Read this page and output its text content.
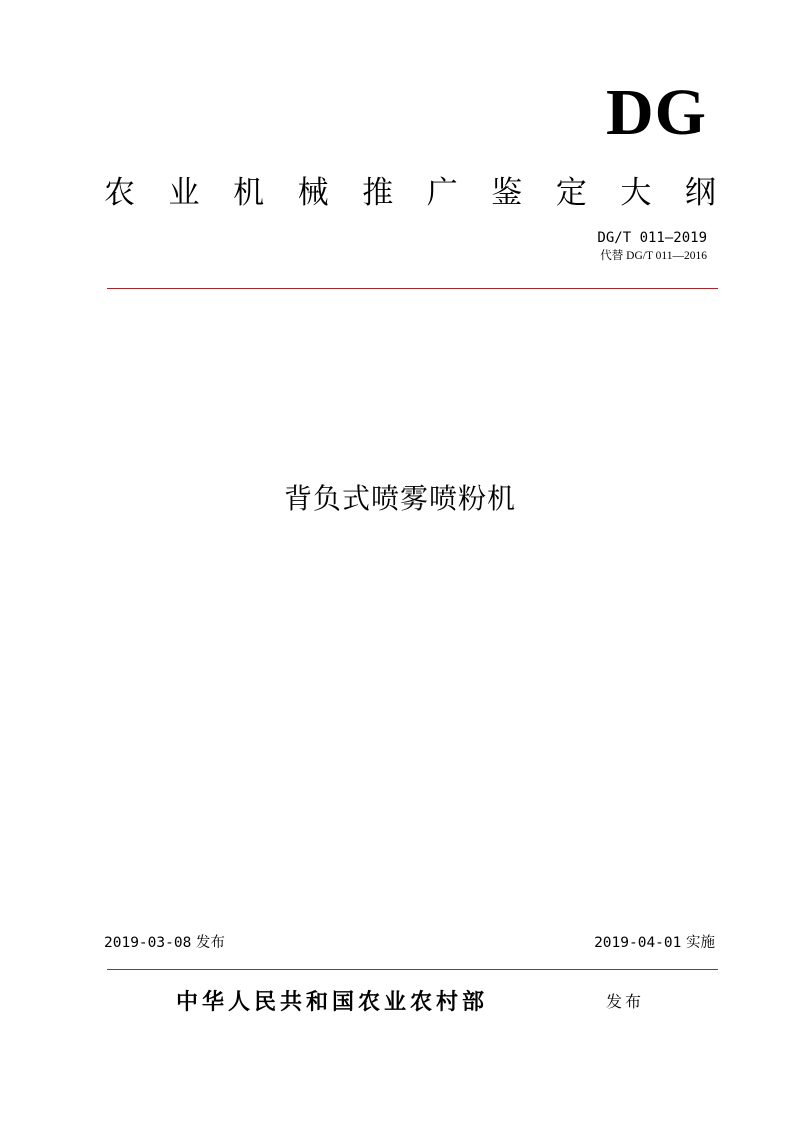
DG
农 业 机 械 推 广 鉴 定 大 纲
DG/T 011—2019
代替 DG/T 011—2016
背负式喷雾喷粉机
2019-03-08 发布	2019-04-01 实施
中华人民共和国农业农村部	发布
